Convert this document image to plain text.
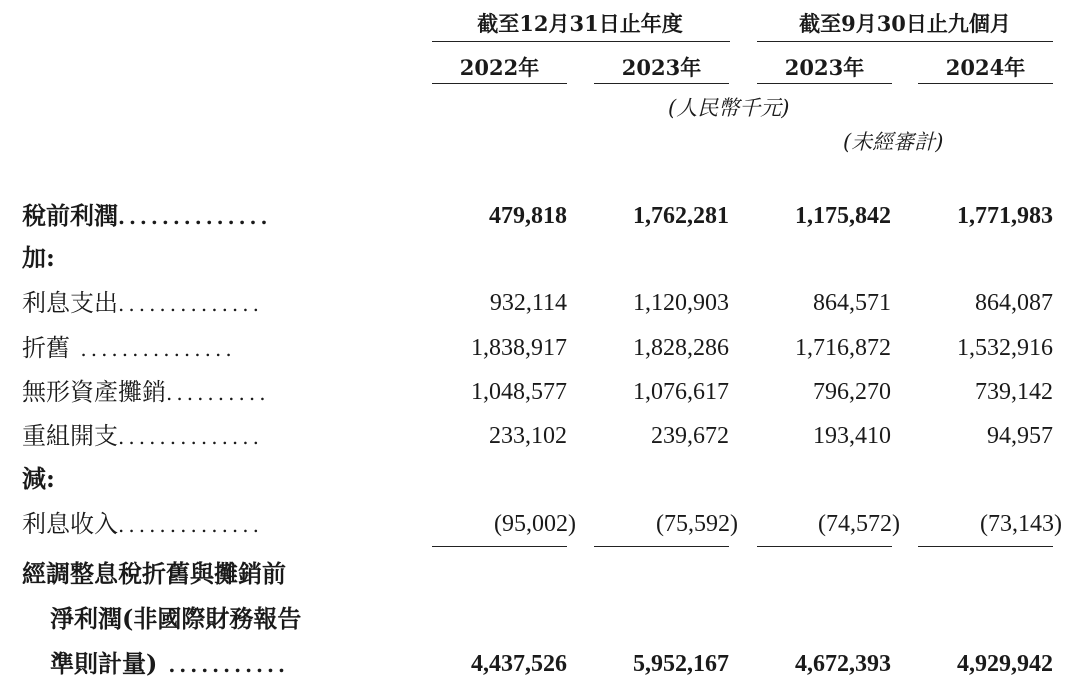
截至12月31日止年度	截至9月30日止九個月
2022年	2023年	2023年	2024年
(人民幣千元)
(未經審計)
稅前利潤..............	479,818	1,762,281	1,175,842	1,771,983
加:
利息支出..............	932,114	1,120,903	864,571	864,087
折舊 ...............	1,838,917	1,828,286	1,716,872	1,532,916
無形資產攤銷..........	1,048,577	1,076,617	796,270	739,142
重組開支..............	233,102	239,672	193,410	94,957
減:
利息收入..............	(95,002)	(75,592)	(74,572)	(73,143)
經調整息稅折舊與攤銷前
淨利潤(非國際財務報告
準則計量) ...........	4,437,526	5,952,167	4,672,393	4,929,942
